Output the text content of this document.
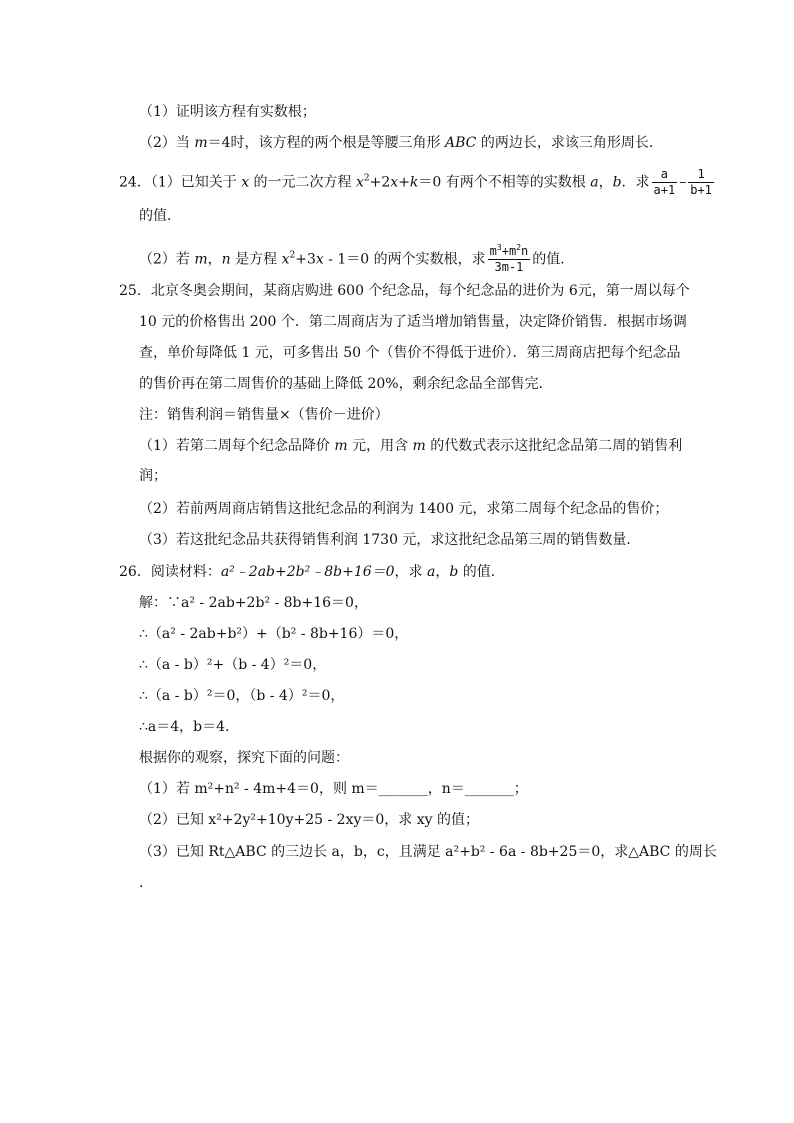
（1）证明该方程有实数根；
（2）当 m＝4时，该方程的两个根是等腰三角形 ABC 的两边长，求该三角形周长．
24．（1）已知关于 x 的一元二次方程 $x^2+2x+k=0$ 有两个不相等的实数根 a，b．求 $\frac{a}{a+1} - \frac{1}{b+1}$
的值．
（2）若 m，n 是方程 $x^2+3x - 1=0$ 的两个实数根，求 $\frac{m^3+m^2n}{3m-1}$ 的值．
25．北京冬奥会期间，某商店购进 600 个纪念品，每个纪念品的进价为 6元，第一周以每个
10 元的价格售出 200 个．第二周商店为了适当增加销售量，决定降价销售．根据市场调
查，单价每降低 1 元，可多售出 50 个（售价不得低于进价）．第三周商店把每个纪念品
的售价再在第二周售价的基础上降低 20%，剩余纪念品全部售完．
注：销售利润＝销售量×（售价－进价）
（1）若第二周每个纪念品降价 m 元，用含 m 的代数式表示这批纪念品第二周的销售利
润；
（2）若前两周商店销售这批纪念品的利润为 1400 元，求第二周每个纪念品的售价；
（3）若这批纪念品共获得销售利润 1730 元，求这批纪念品第三周的销售数量．
26．阅读材料：a²﹣2ab+2b²﹣8b+16＝0，求 a，b 的值．
解：∵a² - 2ab+2b² - 8b+16＝0，
∴（a² - 2ab+b²）+（b² - 8b+16）＝0，
∴（a - b）²+（b - 4）²＝0，
∴（a - b）²＝0，（b - 4）²＝0，
∴a＝4，b＝4．
根据你的观察，探究下面的问题：
（1）若 m²+n² - 4m+4＝0，则 m＝_______，n＝_______；
（2）已知 x²+2y²+10y+25 - 2xy＝0，求 xy 的值；
（3）已知 Rt△ABC 的三边长 a，b，c，且满足 a²+b² - 6a - 8b+25＝0，求△ABC 的周长
．
